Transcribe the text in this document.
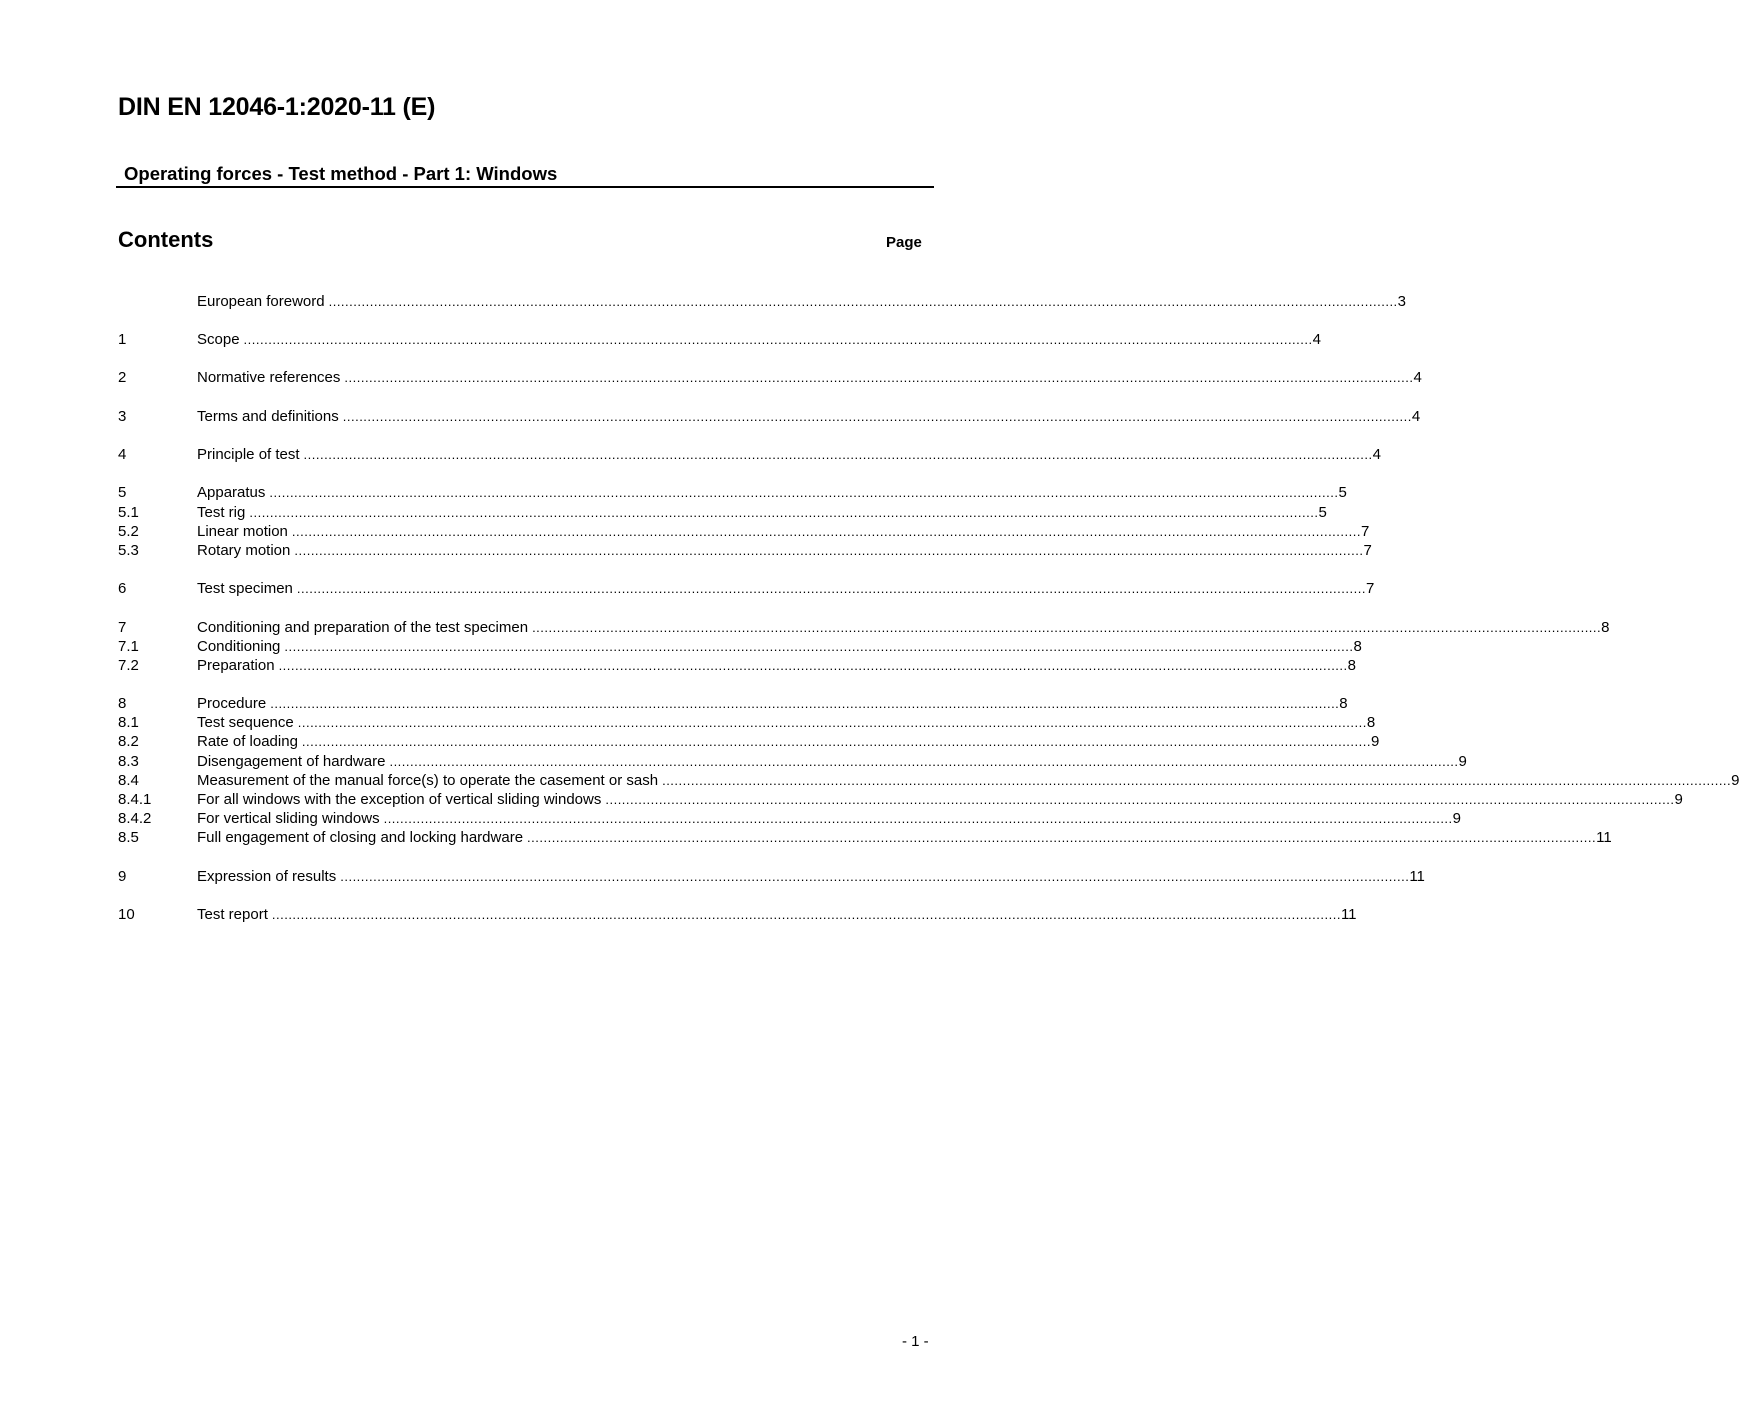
DIN EN 12046-1:2020-11 (E)
Operating forces - Test method - Part 1: Windows
Contents	Page
European foreword .................................................................................................................................................................................................................................................................... 3
1	Scope .................................................................................................................................................................................................................................................................... 4
2	Normative references .................................................................................................................................................................................................................................................................... 4
3	Terms and definitions .................................................................................................................................................................................................................................................................... 4
4	Principle of test .................................................................................................................................................................................................................................................................... 4
5	Apparatus .................................................................................................................................................................................................................................................................... 5
5.1	Test rig .................................................................................................................................................................................................................................................................... 5
5.2	Linear motion .................................................................................................................................................................................................................................................................... 7
5.3	Rotary motion .................................................................................................................................................................................................................................................................... 7
6	Test specimen .................................................................................................................................................................................................................................................................... 7
7	Conditioning and preparation of the test specimen .................................................................................................................................................................................................................................................................... 8
7.1	Conditioning .................................................................................................................................................................................................................................................................... 8
7.2	Preparation .................................................................................................................................................................................................................................................................... 8
8	Procedure .................................................................................................................................................................................................................................................................... 8
8.1	Test sequence .................................................................................................................................................................................................................................................................... 8
8.2	Rate of loading .................................................................................................................................................................................................................................................................... 9
8.3	Disengagement of hardware .................................................................................................................................................................................................................................................................... 9
8.4	Measurement of the manual force(s) to operate the casement or sash .................................................................................................................................................................................................................................................................... 9
8.4.1	For all windows with the exception of vertical sliding windows .................................................................................................................................................................................................................................................................... 9
8.4.2	For vertical sliding windows .................................................................................................................................................................................................................................................................... 9
8.5	Full engagement of closing and locking hardware .................................................................................................................................................................................................................................................................... 11
9	Expression of results .................................................................................................................................................................................................................................................................... 11
10	Test report .................................................................................................................................................................................................................................................................... 11
- 1 -
